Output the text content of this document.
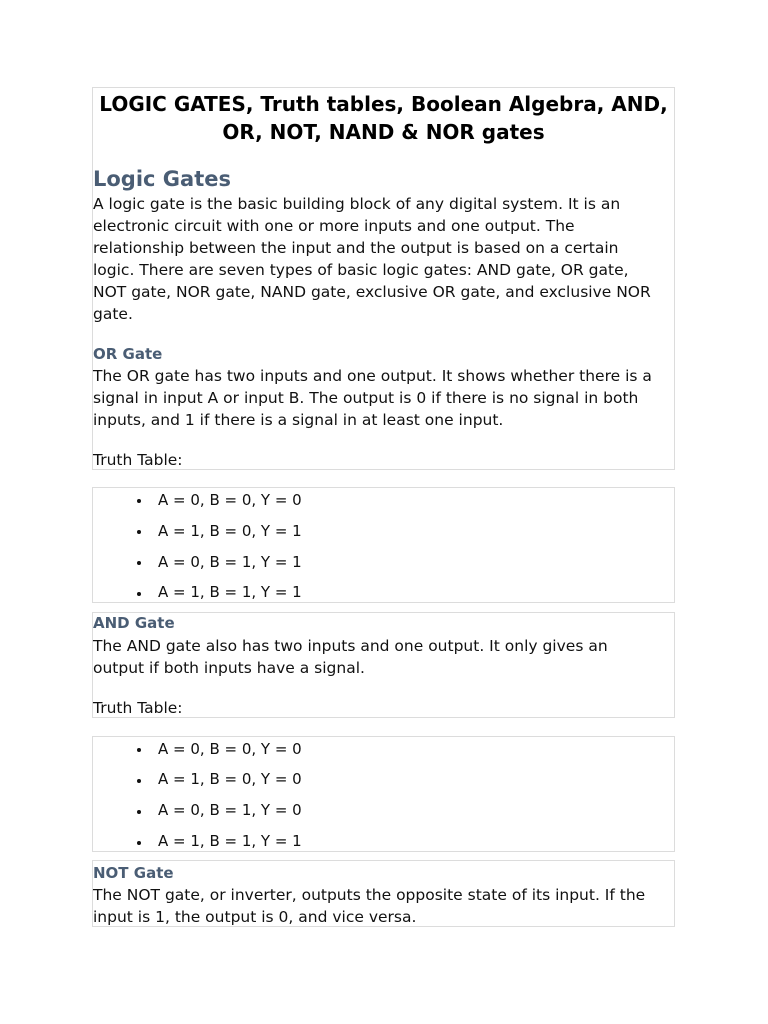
LOGIC GATES, Truth tables, Boolean Algebra, AND, OR, NOT, NAND & NOR gates
Logic Gates
A logic gate is the basic building block of any digital system. It is an
electronic circuit with one or more inputs and one output. The
relationship between the input and the output is based on a certain
logic. There are seven types of basic logic gates: AND gate, OR gate,
NOT gate, NOR gate, NAND gate, exclusive OR gate, and exclusive NOR
gate.
OR Gate
The OR gate has two inputs and one output. It shows whether there is a
signal in input A or input B. The output is 0 if there is no signal in both
inputs, and 1 if there is a signal in at least one input.
Truth Table:
A = 0, B = 0, Y = 0
A = 1, B = 0, Y = 1
A = 0, B = 1, Y = 1
A = 1, B = 1, Y = 1
AND Gate
The AND gate also has two inputs and one output. It only gives an
output if both inputs have a signal.
Truth Table:
A = 0, B = 0, Y = 0
A = 1, B = 0, Y = 0
A = 0, B = 1, Y = 0
A = 1, B = 1, Y = 1
NOT Gate
The NOT gate, or inverter, outputs the opposite state of its input. If the
input is 1, the output is 0, and vice versa.
